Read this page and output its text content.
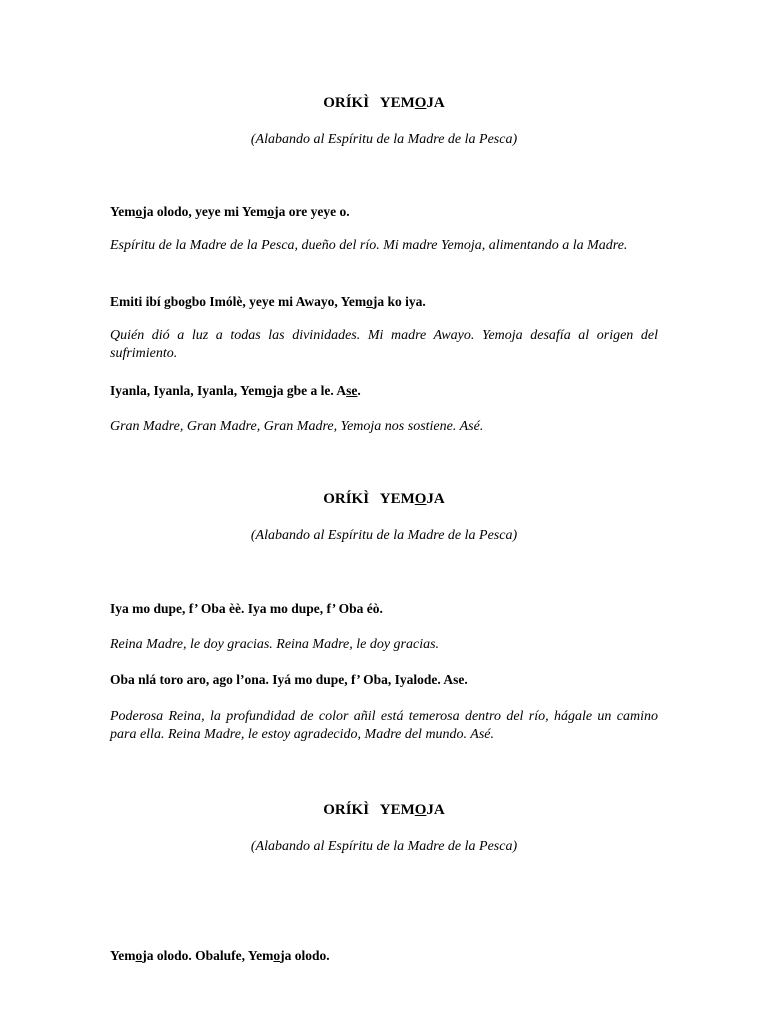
ORÍKÌ   YEMOJA

(Alabando al Espíritu de la Madre de la Pesca)

Yemoja olodo, yeye mi Yemoja ore yeye o.

Espíritu de la Madre de la Pesca, dueño del río. Mi madre Yemoja, alimentando a la Madre.

Emiti ibí gbogbo Imólè, yeye mi Awayo, Yemoja ko iya.

Quién dió a luz a todas las divinidades. Mi madre Awayo. Yemoja desafía al origen del sufrimiento.

Iyanla, Iyanla, Iyanla, Yemoja gbe a le. Ase.

Gran Madre, Gran Madre, Gran Madre, Yemoja nos sostiene. Asé.

ORÍKÌ   YEMOJA

(Alabando al Espíritu de la Madre de la Pesca)

Iya mo dupe, f’ Oba èè. Iya mo dupe, f’ Oba éò.

Reina Madre, le doy gracias. Reina Madre, le doy gracias.

Oba nlá toro aro, ago l’ona. Iyá mo dupe, f’ Oba, Iyalode. Ase.

Poderosa Reina, la profundidad de color añil está temerosa dentro del río, hágale un camino para ella. Reina Madre, le estoy agradecido, Madre del mundo. Asé.

ORÍKÌ   YEMOJA

(Alabando al Espíritu de la Madre de la Pesca)

Yemoja olodo. Obalufe, Yemoja olodo.
